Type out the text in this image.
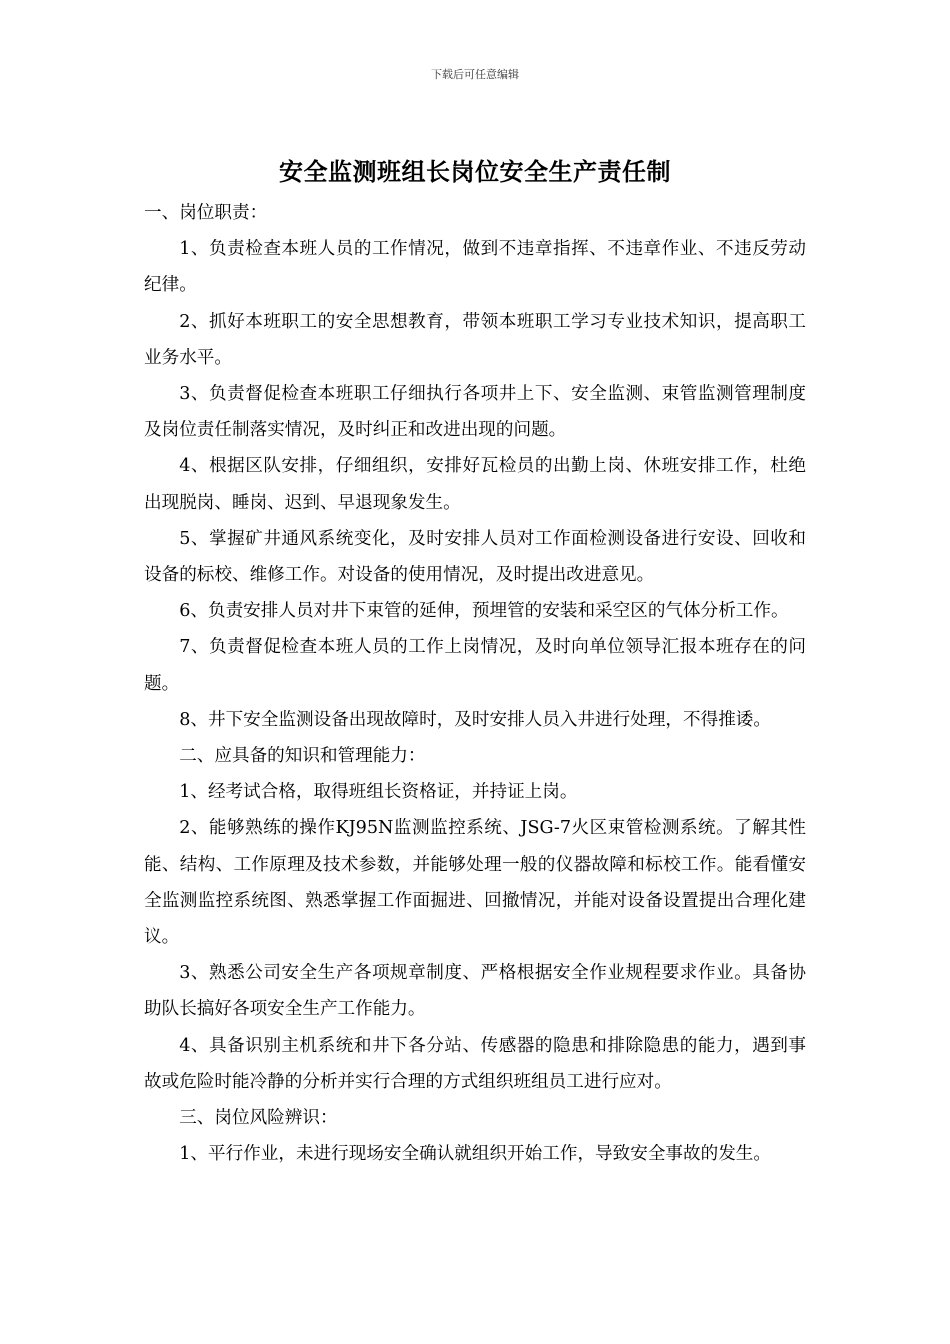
下载后可任意编辑
安全监测班组长岗位安全生产责任制

一、岗位职责：

1、负责检查本班人员的工作情况，做到不违章指挥、不违章作业、不违反劳动纪律。

2、抓好本班职工的安全思想教育，带领本班职工学习专业技术知识，提高职工业务水平。

3、负责督促检查本班职工仔细执行各项井上下、安全监测、束管监测管理制度及岗位责任制落实情况，及时纠正和改进出现的问题。

4、根据区队安排，仔细组织，安排好瓦检员的出勤上岗、休班安排工作，杜绝出现脱岗、睡岗、迟到、早退现象发生。

5、掌握矿井通风系统变化，及时安排人员对工作面检测设备进行安设、回收和设备的标校、维修工作。对设备的使用情况，及时提出改进意见。

6、负责安排人员对井下束管的延伸，预埋管的安装和采空区的气体分析工作。

7、负责督促检查本班人员的工作上岗情况，及时向单位领导汇报本班存在的问题。

8、井下安全监测设备出现故障时，及时安排人员入井进行处理，不得推诿。

二、应具备的知识和管理能力：

1、经考试合格，取得班组长资格证，并持证上岗。

2、能够熟练的操作KJ95N监测监控系统、JSG-7火区束管检测系统。了解其性能、结构、工作原理及技术参数，并能够处理一般的仪器故障和标校工作。能看懂安全监测监控系统图、熟悉掌握工作面掘进、回撤情况，并能对设备设置提出合理化建议。

3、熟悉公司安全生产各项规章制度、严格根据安全作业规程要求作业。具备协助队长搞好各项安全生产工作能力。

4、具备识别主机系统和井下各分站、传感器的隐患和排除隐患的能力，遇到事故或危险时能冷静的分析并实行合理的方式组织班组员工进行应对。

三、岗位风险辨识：

1、平行作业，未进行现场安全确认就组织开始工作，导致安全事故的发生。
